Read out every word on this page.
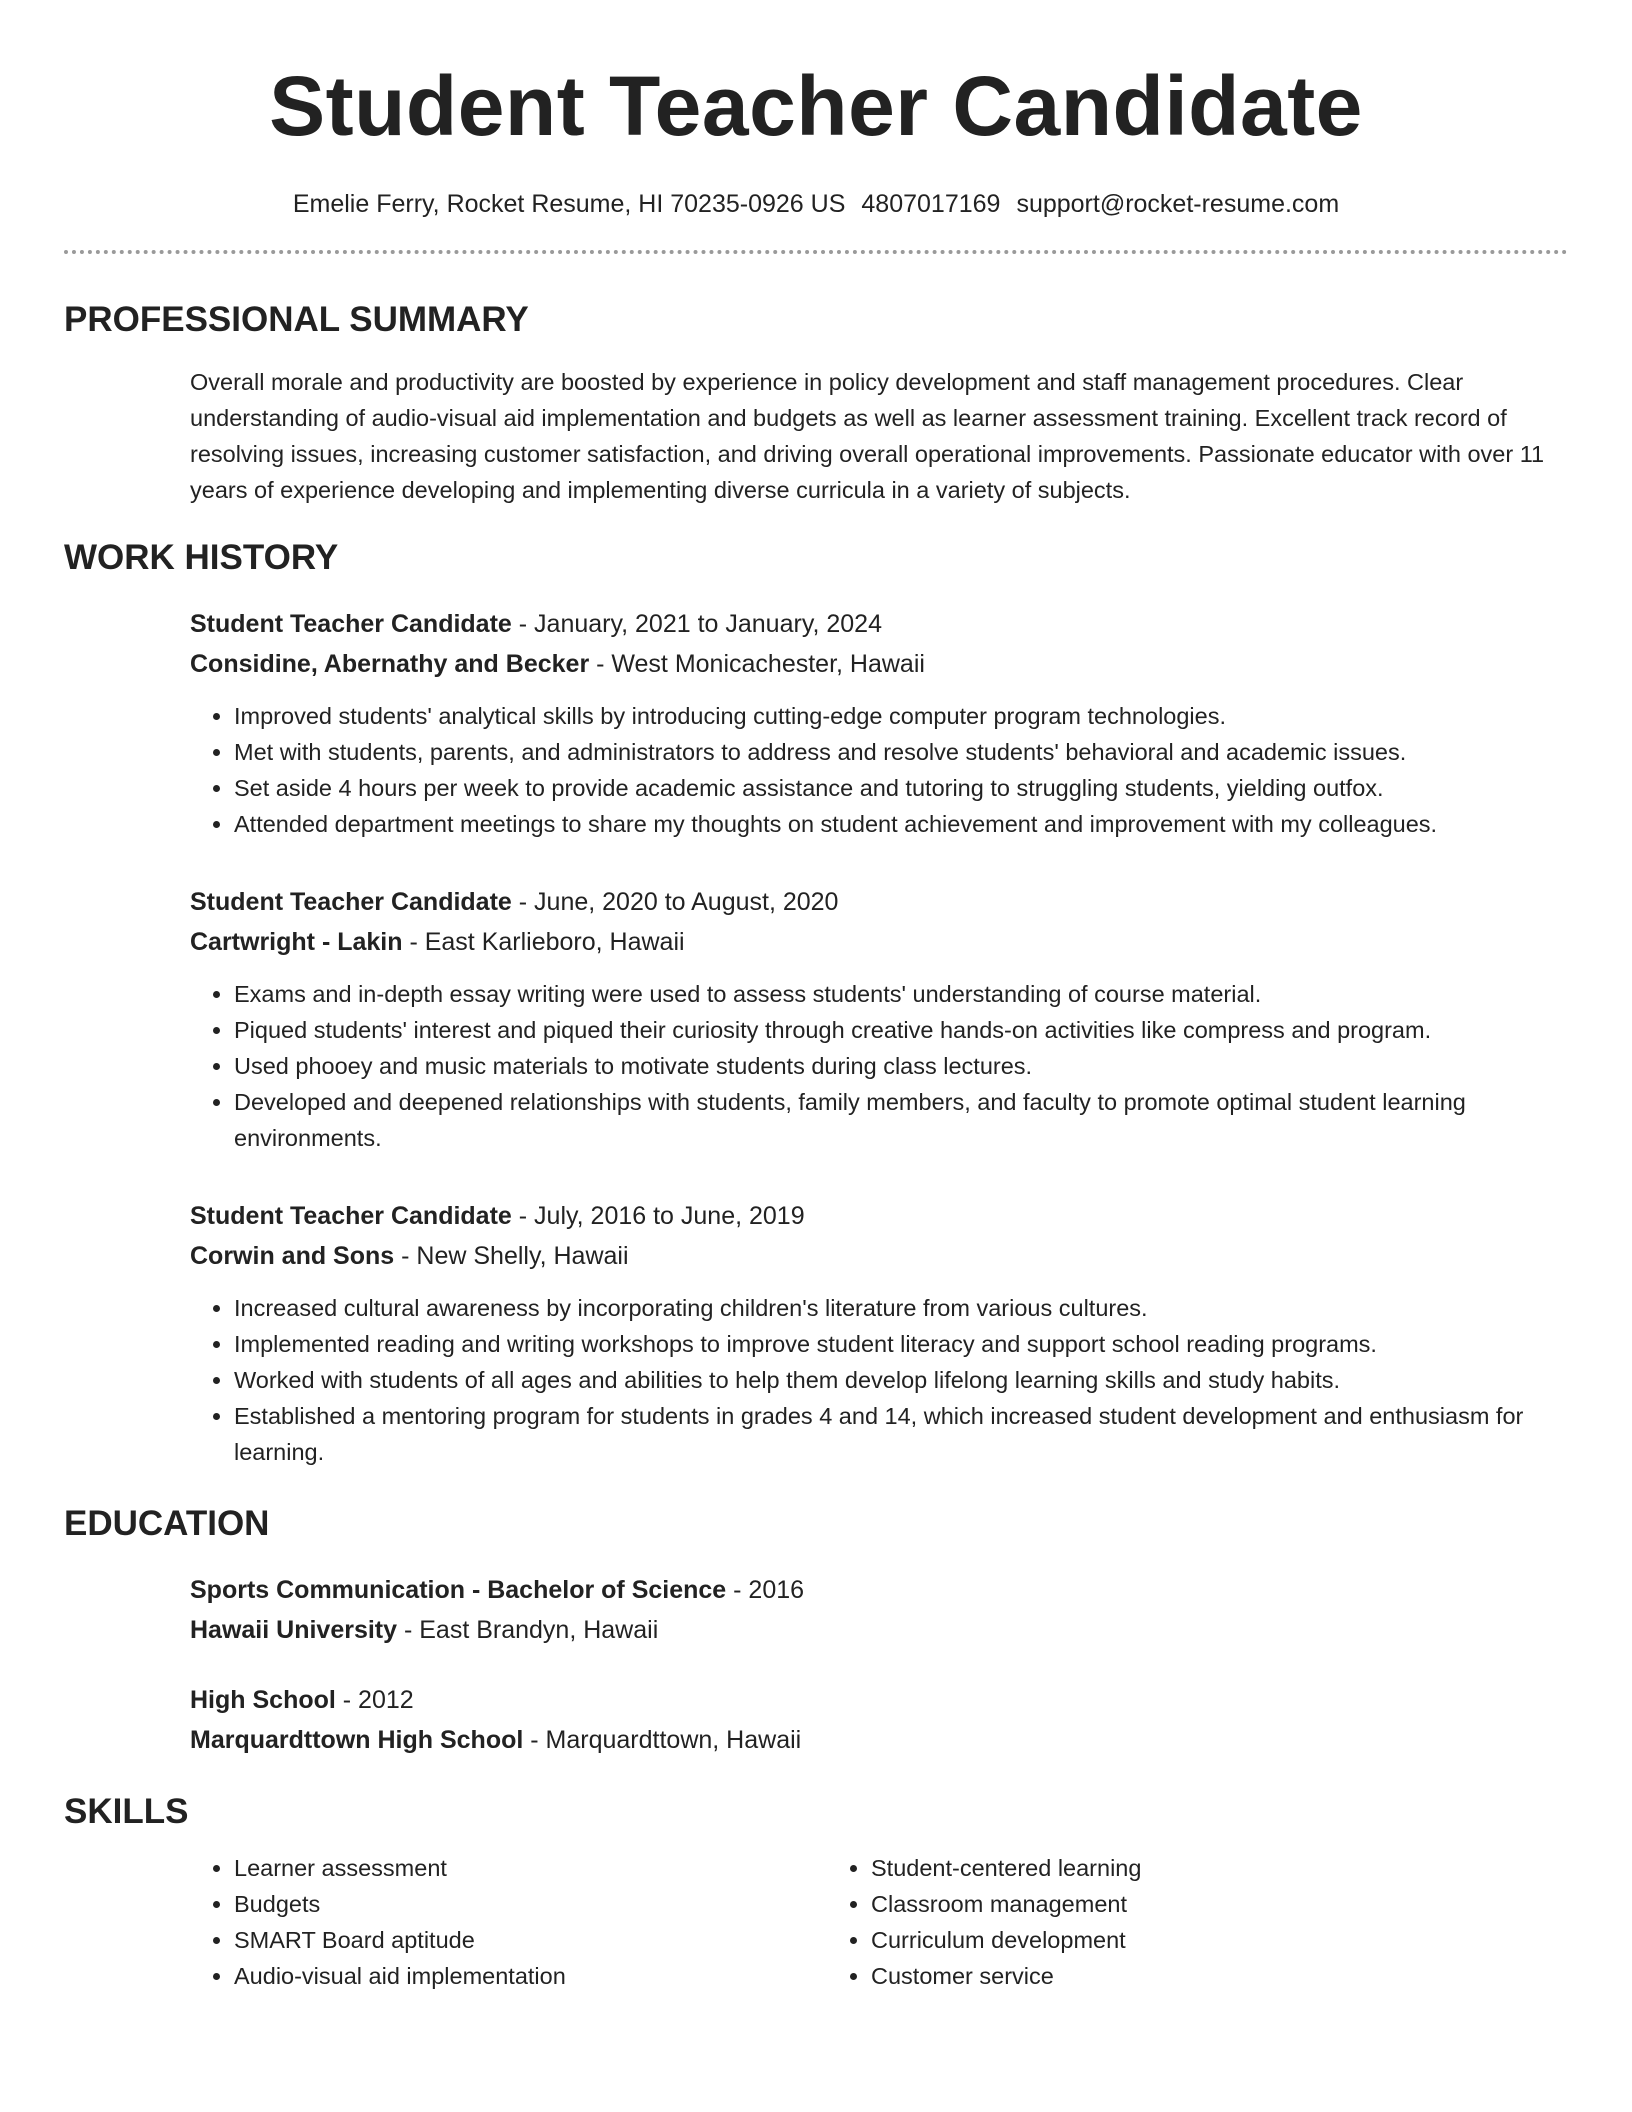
Student Teacher Candidate
Emelie Ferry, Rocket Resume, HI 70235-0926 US 4807017169 support@rocket-resume.com
PROFESSIONAL SUMMARY
Overall morale and productivity are boosted by experience in policy development and staff management procedures. Clear understanding of audio-visual aid implementation and budgets as well as learner assessment training. Excellent track record of resolving issues, increasing customer satisfaction, and driving overall operational improvements. Passionate educator with over 11 years of experience developing and implementing diverse curricula in a variety of subjects.
WORK HISTORY
Student Teacher Candidate - January, 2021 to January, 2024
Considine, Abernathy and Becker - West Monicachester, Hawaii
• Improved students' analytical skills by introducing cutting-edge computer program technologies.
• Met with students, parents, and administrators to address and resolve students' behavioral and academic issues.
• Set aside 4 hours per week to provide academic assistance and tutoring to struggling students, yielding outfox.
• Attended department meetings to share my thoughts on student achievement and improvement with my colleagues.
Student Teacher Candidate - June, 2020 to August, 2020
Cartwright - Lakin - East Karlieboro, Hawaii
• Exams and in-depth essay writing were used to assess students' understanding of course material.
• Piqued students' interest and piqued their curiosity through creative hands-on activities like compress and program.
• Used phooey and music materials to motivate students during class lectures.
• Developed and deepened relationships with students, family members, and faculty to promote optimal student learning environments.
Student Teacher Candidate - July, 2016 to June, 2019
Corwin and Sons - New Shelly, Hawaii
• Increased cultural awareness by incorporating children's literature from various cultures.
• Implemented reading and writing workshops to improve student literacy and support school reading programs.
• Worked with students of all ages and abilities to help them develop lifelong learning skills and study habits.
• Established a mentoring program for students in grades 4 and 14, which increased student development and enthusiasm for learning.
EDUCATION
Sports Communication - Bachelor of Science - 2016
Hawaii University - East Brandyn, Hawaii
High School - 2012
Marquardttown High School - Marquardttown, Hawaii
SKILLS
• Learner assessment
• Budgets
• SMART Board aptitude
• Audio-visual aid implementation
• Student-centered learning
• Classroom management
• Curriculum development
• Customer service
